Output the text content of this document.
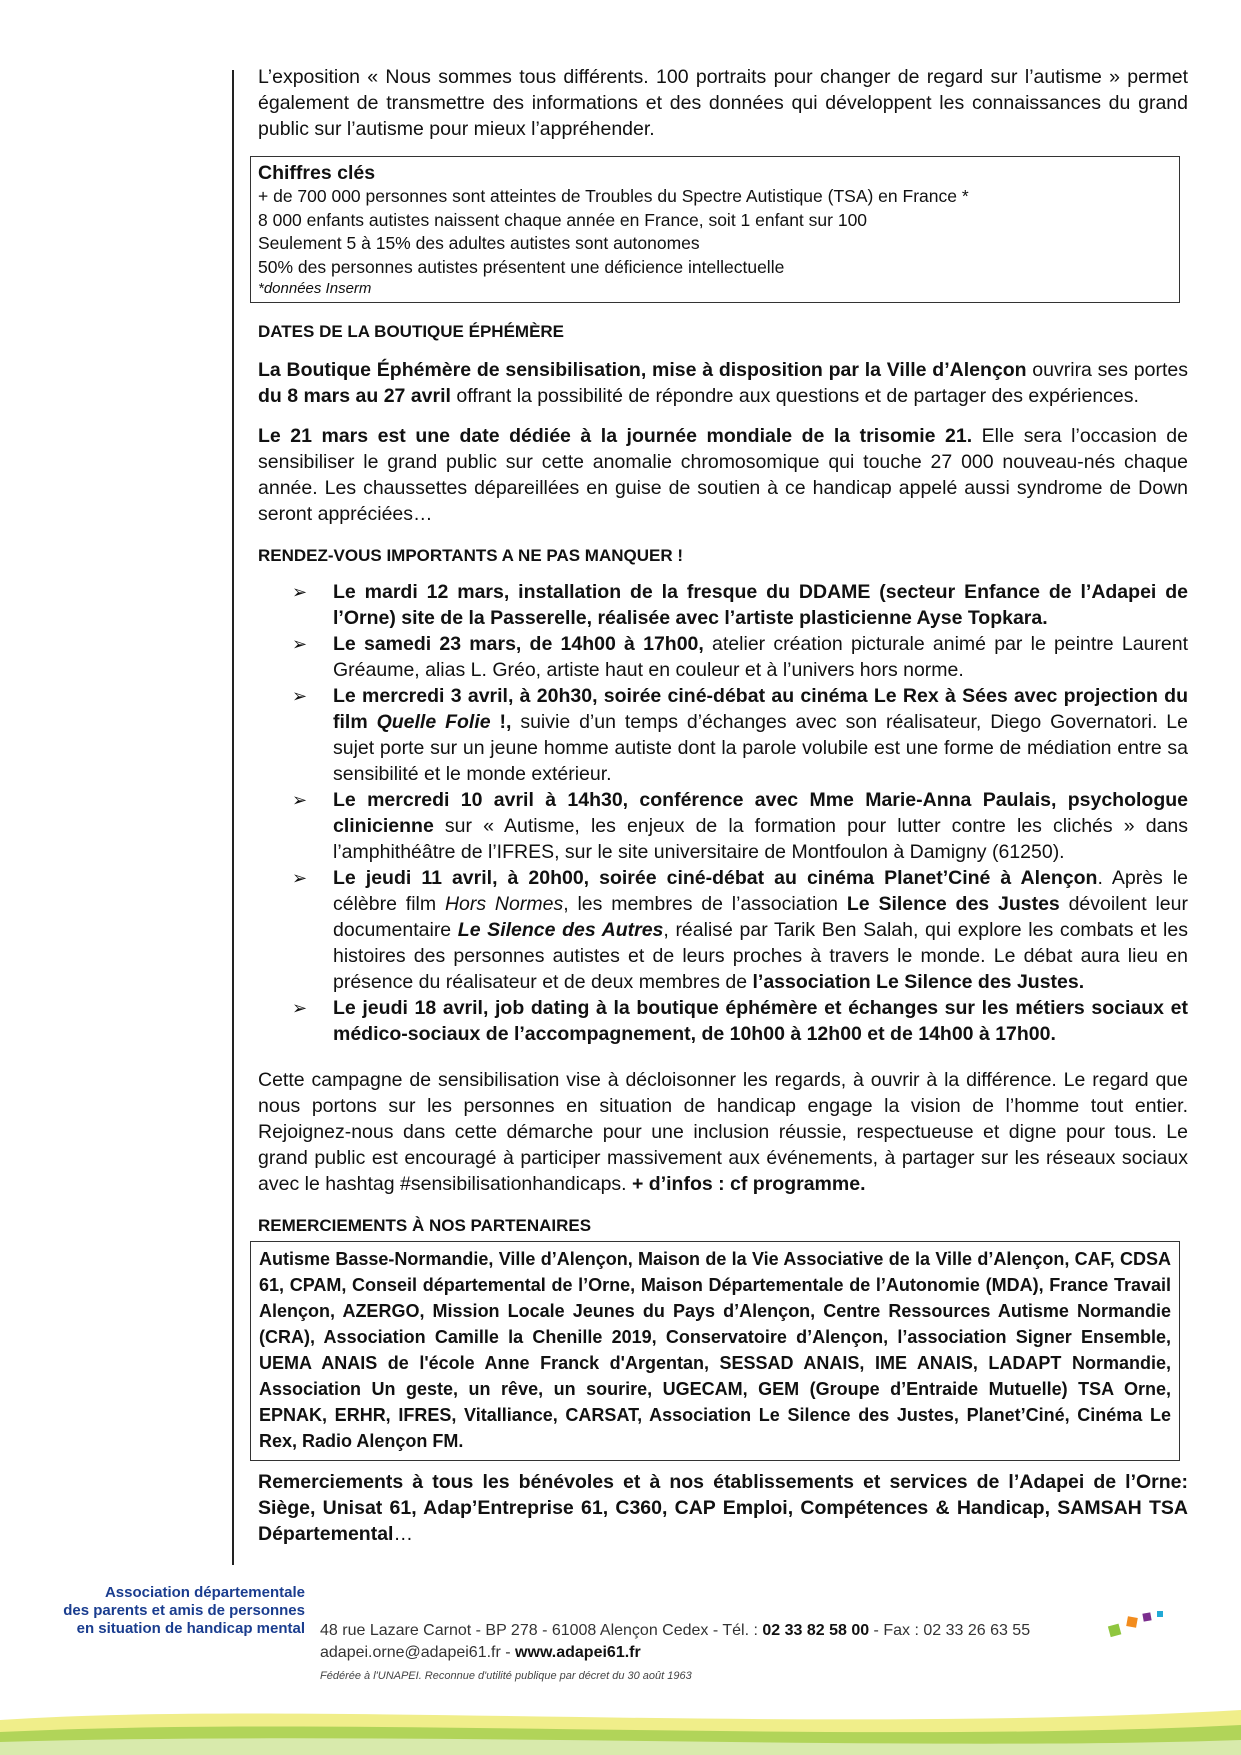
L’exposition « Nous sommes tous différents. 100 portraits pour changer de regard sur l’autisme » permet également de transmettre des informations et des données qui développent les connaissances du grand public sur l’autisme pour mieux l’appréhender.

Chiffres clés
+ de 700 000 personnes sont atteintes de Troubles du Spectre Autistique (TSA) en France *
8 000 enfants autistes naissent chaque année en France, soit 1 enfant sur 100
Seulement 5 à 15% des adultes autistes sont autonomes
50% des personnes autistes présentent une déficience intellectuelle
*données Inserm

DATES DE LA BOUTIQUE ÉPHÉMÈRE

La Boutique Éphémère de sensibilisation, mise à disposition par la Ville d’Alençon ouvrira ses portes du 8 mars au 27 avril offrant la possibilité de répondre aux questions et de partager des expériences.

Le 21 mars est une date dédiée à la journée mondiale de la trisomie 21. Elle sera l’occasion de sensibiliser le grand public sur cette anomalie chromosomique qui touche 27 000 nouveau-nés chaque année. Les chaussettes dépareillées en guise de soutien à ce handicap appelé aussi syndrome de Down seront appréciées…

RENDEZ-VOUS IMPORTANTS A NE PAS MANQUER !

➢ Le mardi 12 mars, installation de la fresque du DDAME (secteur Enfance de l’Adapei de l’Orne) site de la Passerelle, réalisée avec l’artiste plasticienne Ayse Topkara.
➢ Le samedi 23 mars, de 14h00 à 17h00, atelier création picturale animé par le peintre Laurent Gréaume, alias L. Gréo, artiste haut en couleur et à l’univers hors norme.
➢ Le mercredi 3 avril, à 20h30, soirée ciné-débat au cinéma Le Rex à Sées avec projection du film Quelle Folie !, suivie d’un temps d’échanges avec son réalisateur, Diego Governatori. Le sujet porte sur un jeune homme autiste dont la parole volubile est une forme de médiation entre sa sensibilité et le monde extérieur.
➢ Le mercredi 10 avril à 14h30, conférence avec Mme Marie-Anna Paulais, psychologue clinicienne sur « Autisme, les enjeux de la formation pour lutter contre les clichés » dans l’amphithéâtre de l’IFRES, sur le site universitaire de Montfoulon à Damigny (61250).
➢ Le jeudi 11 avril, à 20h00, soirée ciné-débat au cinéma Planet’Ciné à Alençon. Après le célèbre film Hors Normes, les membres de l’association Le Silence des Justes dévoilent leur documentaire Le Silence des Autres, réalisé par Tarik Ben Salah, qui explore les combats et les histoires des personnes autistes et de leurs proches à travers le monde. Le débat aura lieu en présence du réalisateur et de deux membres de l’association Le Silence des Justes.
➢ Le jeudi 18 avril, job dating à la boutique éphémère et échanges sur les métiers sociaux et médico-sociaux de l’accompagnement, de 10h00 à 12h00 et de 14h00 à 17h00.

Cette campagne de sensibilisation vise à décloisonner les regards, à ouvrir à la différence. Le regard que nous portons sur les personnes en situation de handicap engage la vision de l’homme tout entier. Rejoignez-nous dans cette démarche pour une inclusion réussie, respectueuse et digne pour tous. Le grand public est encouragé à participer massivement aux événements, à partager sur les réseaux sociaux avec le hashtag #sensibilisationhandicaps. + d’infos : cf programme.

REMERCIEMENTS À NOS PARTENAIRES

Autisme Basse-Normandie, Ville d’Alençon, Maison de la Vie Associative de la Ville d’Alençon, CAF, CDSA 61, CPAM, Conseil départemental de l’Orne, Maison Départementale de l’Autonomie (MDA), France Travail Alençon, AZERGO, Mission Locale Jeunes du Pays d’Alençon, Centre Ressources Autisme Normandie (CRA), Association Camille la Chenille 2019, Conservatoire d’Alençon, l’association Signer Ensemble, UEMA ANAIS de l'école Anne Franck d'Argentan, SESSAD ANAIS, IME ANAIS, LADAPT Normandie, Association Un geste, un rêve, un sourire, UGECAM, GEM (Groupe d’Entraide Mutuelle) TSA Orne, EPNAK, ERHR, IFRES, Vitalliance, CARSAT, Association Le Silence des Justes, Planet’Ciné, Cinéma Le Rex, Radio Alençon FM.

Remerciements à tous les bénévoles et à nos établissements et services de l’Adapei de l’Orne: Siège, Unisat 61, Adap’Entreprise 61, C360, CAP Emploi, Compétences & Handicap, SAMSAH TSA Départemental…

Association départementale
des parents et amis de personnes
en situation de handicap mental 48 rue Lazare Carnot - BP 278 - 61008 Alençon Cedex - Tél. : 02 33 82 58 00 - Fax : 02 33 26 63 55
adapei.orne@adapei61.fr - www.adapei61.fr
Fédérée à l'UNAPEI. Reconnue d'utilité publique par décret du 30 août 1963
